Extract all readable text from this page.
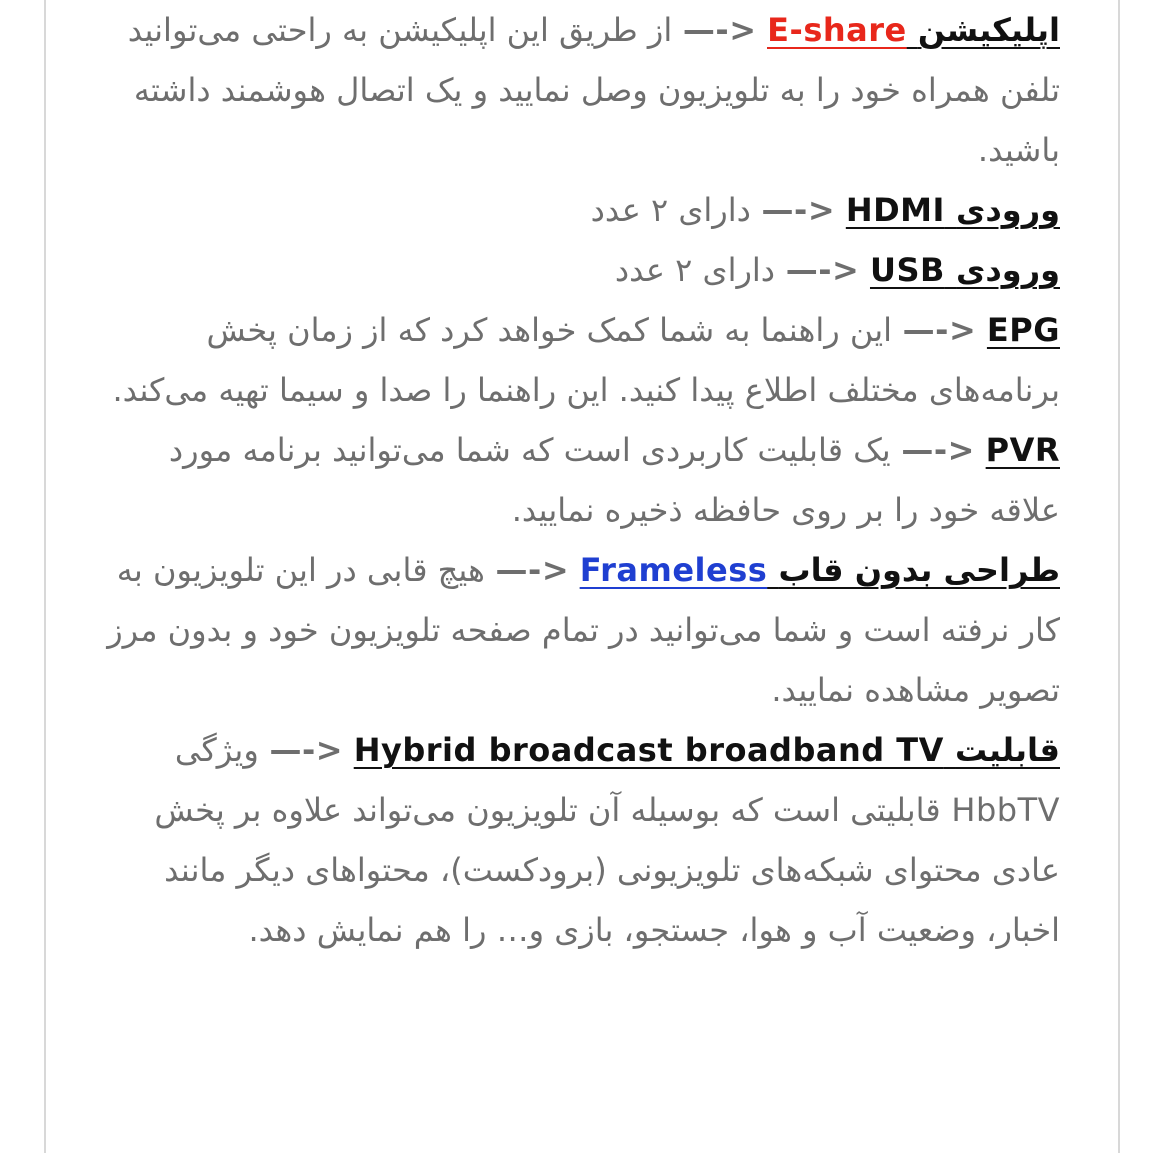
اپلیکیشن E-share —-> از طریق این اپلیکیشن به راحتی می‌توانید تلفن همراه خود را به تلویزیون وصل نمایید و یک اتصال هوشمند داشته باشید.

ورودی HDMI —-> دارای ۲ عدد

ورودی USB —-> دارای ۲ عدد

EPG —-> این راهنما به شما کمک خواهد کرد که از زمان پخش برنامه‌های مختلف اطلاع پیدا کنید. این راهنما را صدا و سیما تهیه می‌کند.

PVR —-> یک قابلیت کاربردی است که شما می‌توانید برنامه مورد علاقه خود را بر روی حافظه ذخیره نمایید.

طراحی بدون قاب Frameless —-> هیچ قابی در این تلویزیون به کار نرفته است و شما می‌توانید در تمام صفحه تلویزیون خود و بدون مرز تصویر مشاهده نمایید.

قابلیت Hybrid broadcast broadband TV —-> ویژگی HbbTV قابلیتی است که بوسیله آن تلویزیون می‌تواند علاوه بر پخش عادی محتوای شبکه‌های تلویزیونی (برودکست)، محتواهای دیگر مانند اخبار، وضعیت آب و هوا، جستجو، بازی و… را هم نمایش دهد.
